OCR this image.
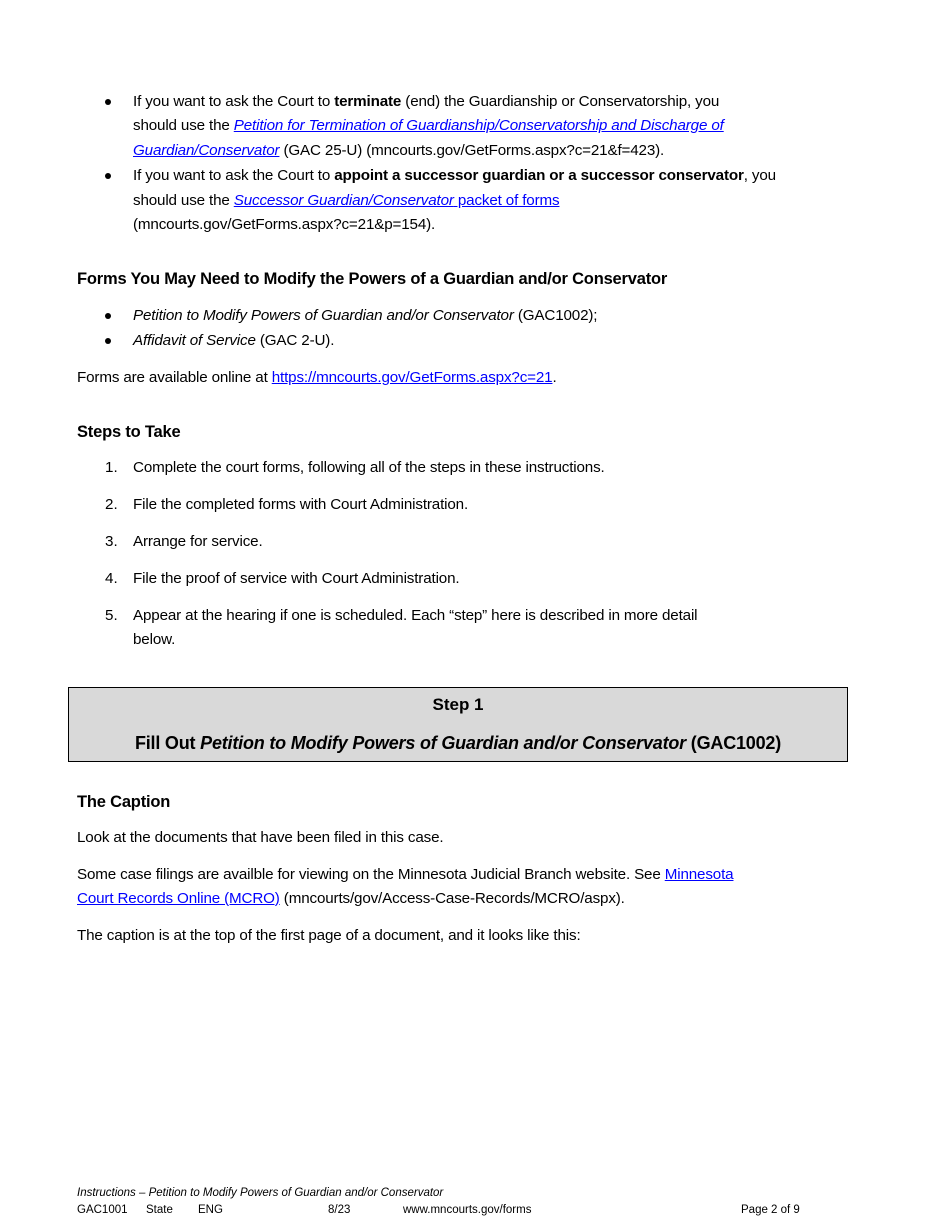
If you want to ask the Court to terminate (end) the Guardianship or Conservatorship, you
should use the Petition for Termination of Guardianship/Conservatorship and Discharge of
Guardian/Conservator (GAC 25-U) (mncourts.gov/GetForms.aspx?c=21&f=423).
If you want to ask the Court to appoint a successor guardian or a successor conservator, you
should use the Successor Guardian/Conservator packet of forms
(mncourts.gov/GetForms.aspx?c=21&p=154).
Forms You May Need to Modify the Powers of a Guardian and/or Conservator
Petition to Modify Powers of Guardian and/or Conservator (GAC1002);
Affidavit of Service (GAC 2-U).
Forms are available online at https://mncourts.gov/GetForms.aspx?c=21.
Steps to Take
1. Complete the court forms, following all of the steps in these instructions.
2. File the completed forms with Court Administration.
3. Arrange for service.
4. File the proof of service with Court Administration.
5. Appear at the hearing if one is scheduled. Each “step” here is described in more detail
below.
Step 1
Fill Out Petition to Modify Powers of Guardian and/or Conservator (GAC1002)
The Caption
Look at the documents that have been filed in this case.
Some case filings are availble for viewing on the Minnesota Judicial Branch website. See Minnesota
Court Records Online (MCRO) (mncourts/gov/Access-Case-Records/MCRO/aspx).
The caption is at the top of the first page of a document, and it looks like this:
Instructions – Petition to Modify Powers of Guardian and/or Conservator
GAC1001 State ENG	8/23	www.mncourts.gov/forms	Page 2 of 9
